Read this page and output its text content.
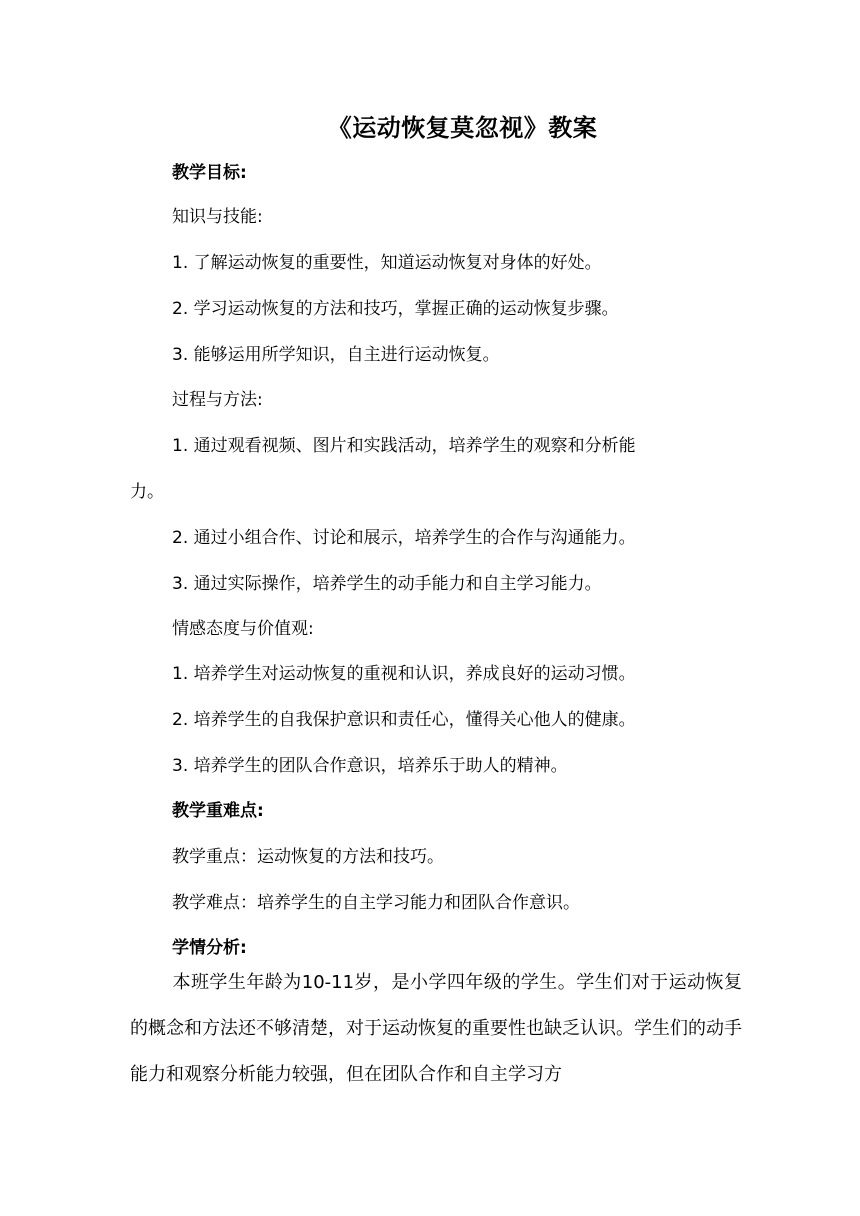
《运动恢复莫忽视》教案
教学目标:
知识与技能:
1. 了解运动恢复的重要性，知道运动恢复对身体的好处。
2. 学习运动恢复的方法和技巧，掌握正确的运动恢复步骤。
3. 能够运用所学知识，自主进行运动恢复。
过程与方法:
1. 通过观看视频、图片和实践活动，培养学生的观察和分析能
力。
2. 通过小组合作、讨论和展示，培养学生的合作与沟通能力。
3. 通过实际操作，培养学生的动手能力和自主学习能力。
情感态度与价值观:
1. 培养学生对运动恢复的重视和认识，养成良好的运动习惯。
2. 培养学生的自我保护意识和责任心，懂得关心他人的健康。
3. 培养学生的团队合作意识，培养乐于助人的精神。
教学重难点:
教学重点：运动恢复的方法和技巧。
教学难点：培养学生的自主学习能力和团队合作意识。
学情分析:
本班学生年龄为10-11岁，是小学四年级的学生。学生们对于运动恢复的概念和方法还不够清楚，对于运动恢复的重要性也缺乏认识。学生们的动手能力和观察分析能力较强，但在团队合作和自主学习方
